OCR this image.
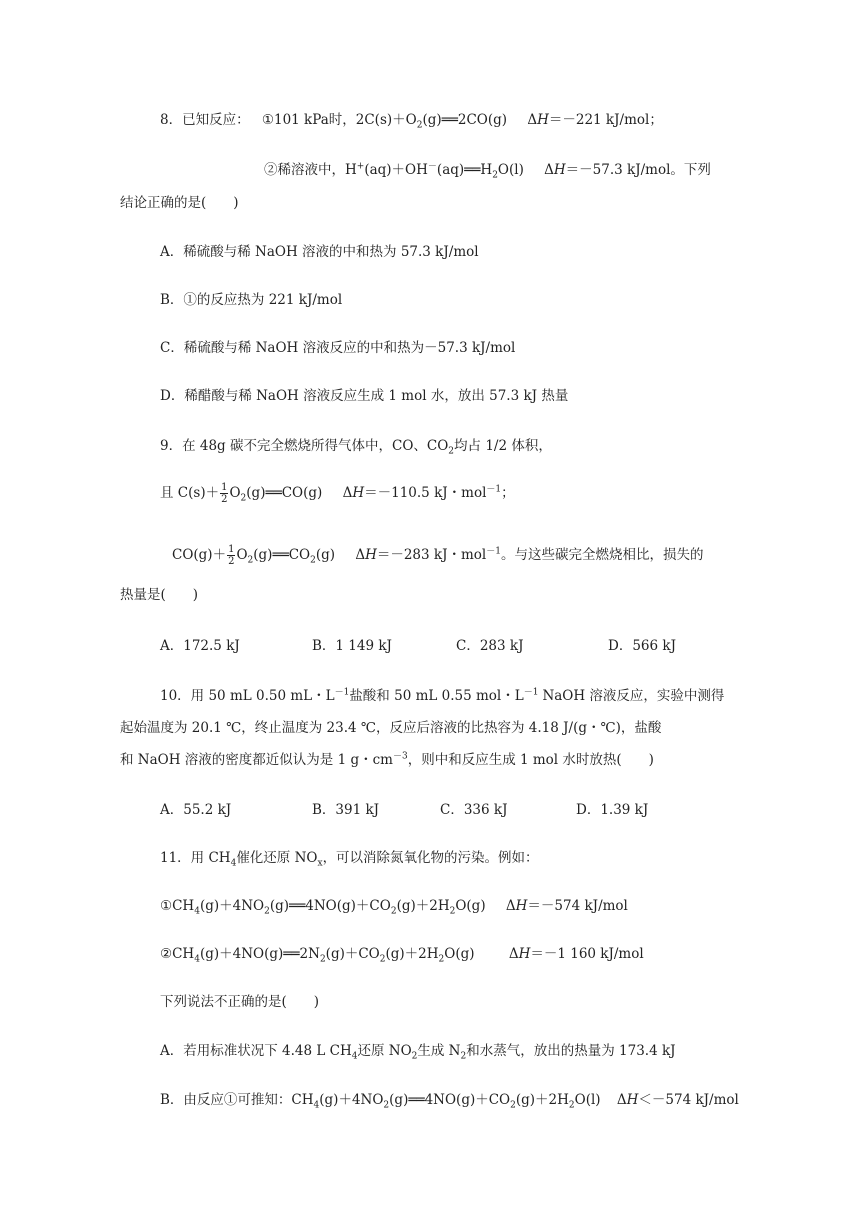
8．已知反应： ①101 kPa时，$2C(s)+O_2(g)══2CO(g)$ ΔH＝－221 kJ/mol；
②稀溶液中，$H^+(aq)+OH^-(aq)══H_2O(l)$ ΔH＝－57.3 kJ/mol。下列
结论正确的是(　　)
A．稀硫酸与稀 NaOH 溶液的中和热为 57.3 kJ/mol
B．①的反应热为 221 kJ/mol
C．稀硫酸与稀 NaOH 溶液反应的中和热为－57.3 kJ/mol
D．稀醋酸与稀 NaOH 溶液反应生成 1 mol 水，放出 57.3 kJ 热量
9．在 48g 碳不完全燃烧所得气体中，CO、$CO_2$均占 1/2 体积，
且 $C(s)+ \frac{1}{2}$ $O_2(g)══CO(g)$ ΔH＝－110.5 kJ・mol$^{-1}$；
$CO(g)+ \frac{1}{2}$ $O_2(g)══CO_2(g)$ ΔH＝－283 kJ・mol$^{-1}$。与这些碳完全燃烧相比，损失的
热量是(　　)
A．172.5 kJ	B．1 149 kJ	C．283 kJ	D．566 kJ
10．用 50 mL 0.50 mL・$L^{-1}$盐酸和 50 mL 0.55 mol・$L^{-1}$ NaOH 溶液反应，实验中测得
起始温度为 20.1 ℃，终止温度为 23.4 ℃，反应后溶液的比热容为 4.18 J/(g・℃)，盐酸
和 NaOH 溶液的密度都近似认为是 1 g・$cm^{-3}$，则中和反应生成 1 mol 水时放热(　　)
A．55.2 kJ	B．391 kJ	C．336 kJ	D．1.39 kJ
11．用 $CH_4$催化还原 $NO_x$，可以消除氮氧化物的污染。例如：
$①CH_4(g)+4NO_2(g)══4NO(g)+CO_2(g)+2H_2O(g)$ ΔH＝－574 kJ/mol
$②CH_4(g)+4NO(g)══2N_2(g)+CO_2(g)+2H_2O(g)$	ΔH＝－1 160 kJ/mol
下列说法不正确的是(　　)
A．若用标准状况下 4.48 L $CH_4$还原 $NO_2$生成 $N_2$和水蒸气，放出的热量为 173.4 kJ
B．由反应①可推知：$CH_4(g)+4NO_2(g)══4NO(g)+CO_2(g)+2H_2O(l)$ ΔH＜－574 kJ/mol
